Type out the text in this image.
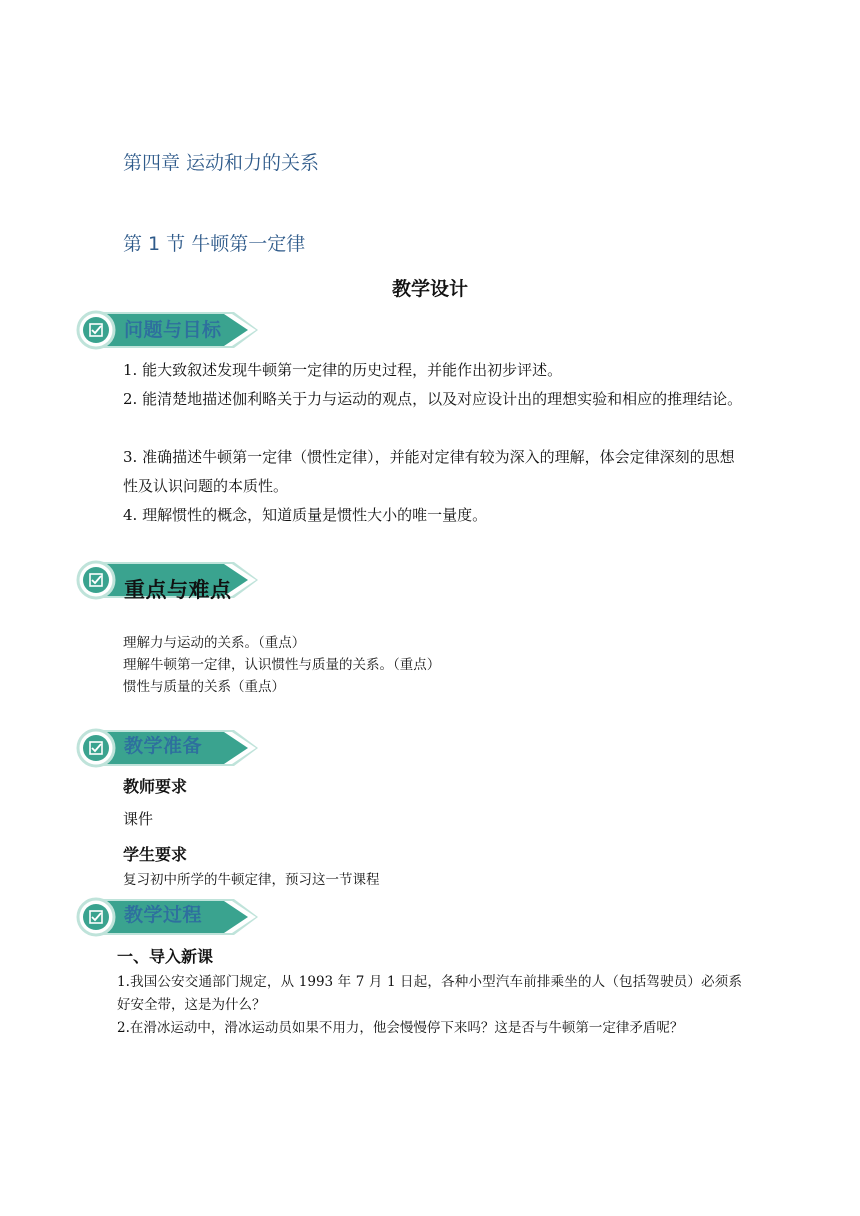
第四章 运动和力的关系
第 1 节 牛顿第一定律
教学设计
问题与目标
1. 能大致叙述发现牛顿第一定律的历史过程，并能作出初步评述。
2. 能清楚地描述伽利略关于力与运动的观点，以及对应设计出的理想实验和相应的推理结论。
3. 准确描述牛顿第一定律（惯性定律），并能对定律有较为深入的理解，体会定律深刻的思想性及认识问题的本质性。
4. 理解惯性的概念，知道质量是惯性大小的唯一量度。
重点与难点
理解力与运动的关系。（重点）
理解牛顿第一定律，认识惯性与质量的关系。（重点）
惯性与质量的关系（重点）
教学准备
教师要求
课件
学生要求
复习初中所学的牛顿定律，预习这一节课程
教学过程
一、导入新课
1.我国公安交通部门规定，从 1993 年 7 月 1 日起，各种小型汽车前排乘坐的人（包括驾驶员）必须系好安全带，这是为什么？
2.在滑冰运动中，滑冰运动员如果不用力，他会慢慢停下来吗？这是否与牛顿第一定律矛盾呢？
